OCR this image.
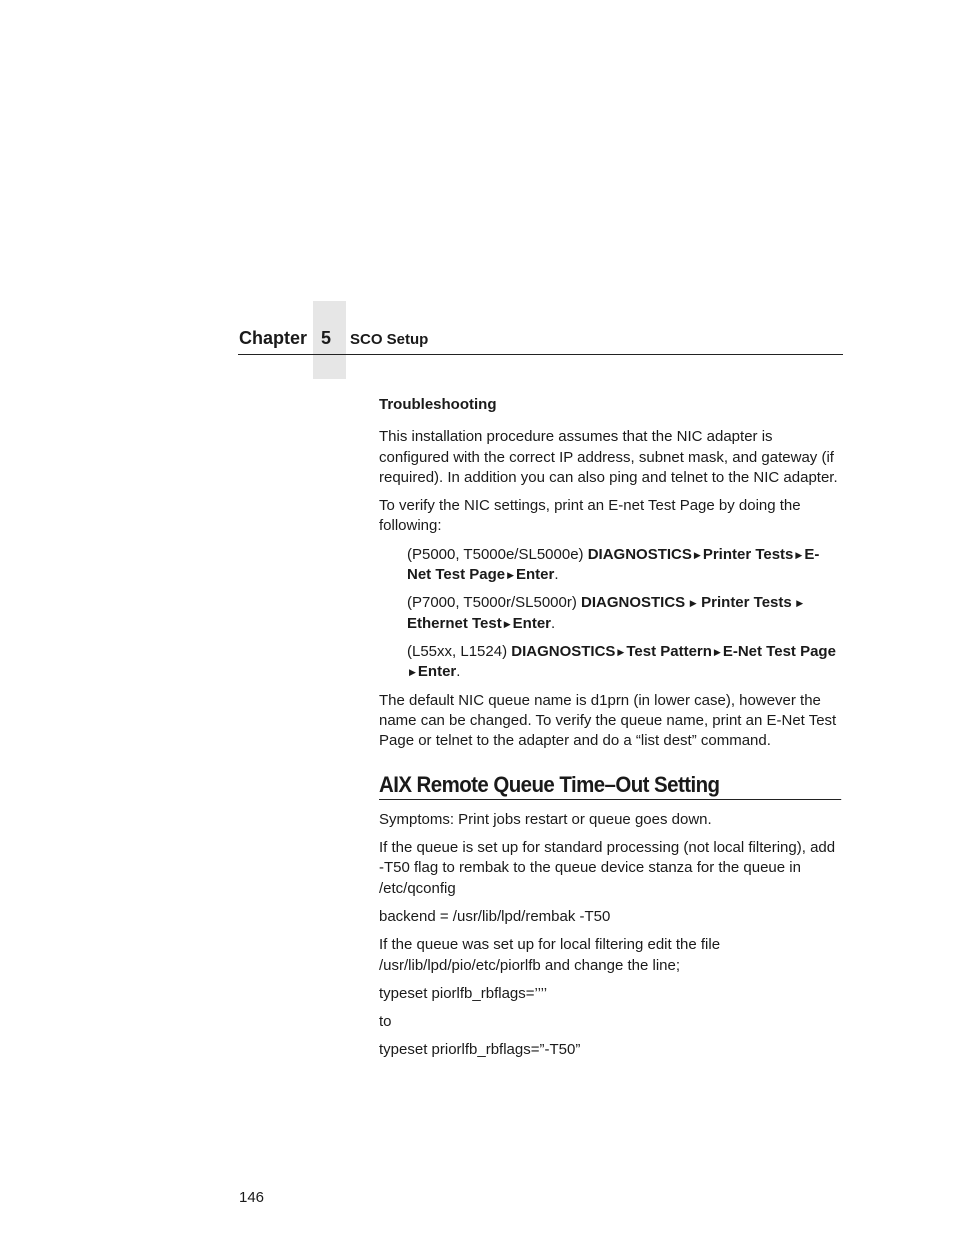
Chapter 5 SCO Setup

Troubleshooting

This installation procedure assumes that the NIC adapter is configured with the correct IP address, subnet mask, and gateway (if required). In addition you can also ping and telnet to the NIC adapter.

To verify the NIC settings, print an E-net Test Page by doing the following:

(P5000, T5000e/SL5000e) DIAGNOSTICS ▶ Printer Tests ▶ E-Net Test Page ▶ Enter.

(P7000, T5000r/SL5000r) DIAGNOSTICS ▶ Printer Tests ▶ Ethernet Test ▶ Enter.

(L55xx, L1524) DIAGNOSTICS ▶ Test Pattern ▶ E-Net Test Page▶ Enter.

The default NIC queue name is d1prn (in lower case), however the name can be changed. To verify the queue name, print an E-Net Test Page or telnet to the adapter and do a “list dest” command.

AIX Remote Queue Time–Out Setting

Symptoms: Print jobs restart or queue goes down.

If the queue is set up for standard processing (not local filtering), add -T50 flag to rembak to the queue device stanza for the queue in /etc/qconfig

backend = /usr/lib/lpd/rembak -T50

If the queue was set up for local filtering edit the file /usr/lib/lpd/pio/etc/piorlfb and change the line;

typeset piorlfb_rbflags=’’’’

to

typeset priorlfb_rbflags=”-T50”

146
